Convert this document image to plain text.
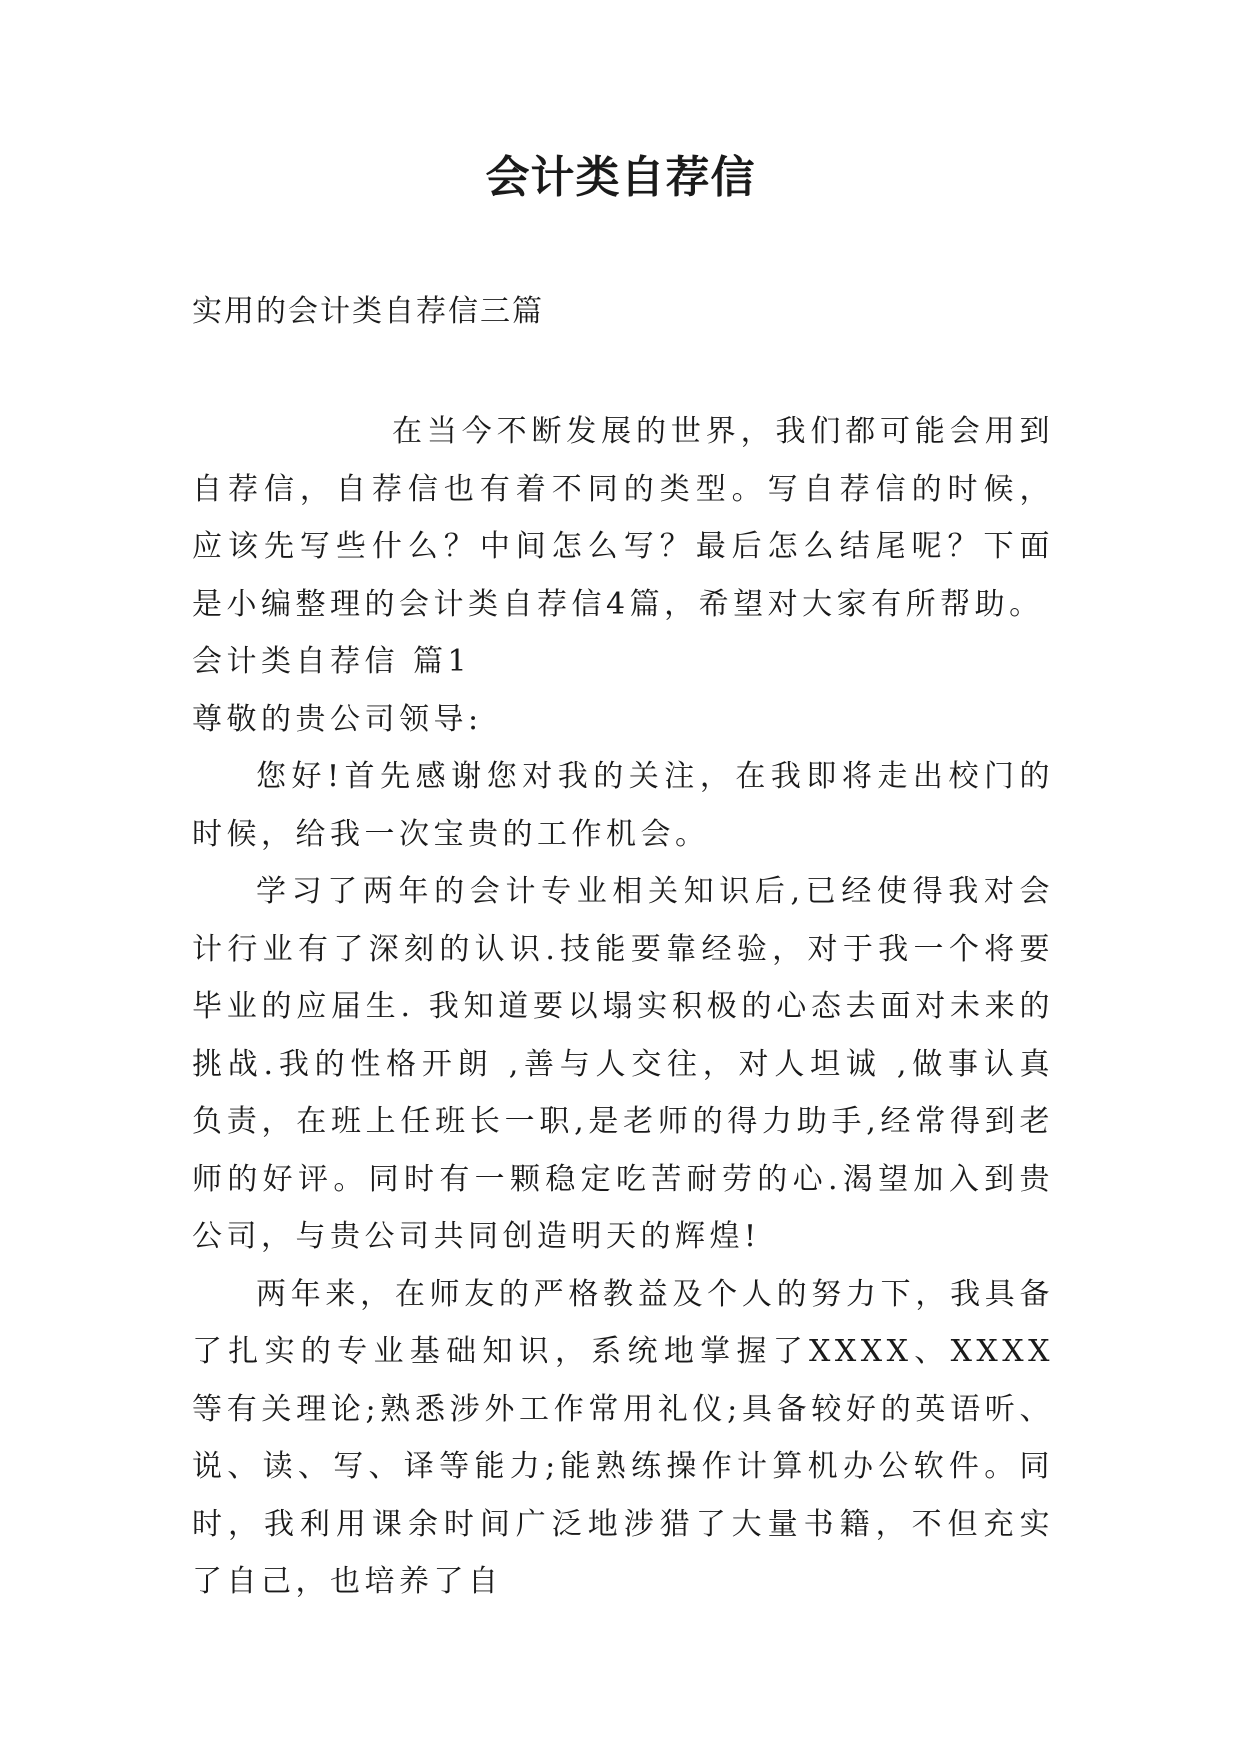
会计类自荐信
实用的会计类自荐信三篇

在当今不断发展的世界，我们都可能会用到自荐信，自荐信也有着不同的类型。写自荐信的时候，应该先写些什么？中间怎么写？最后怎么结尾呢？下面是小编整理的会计类自荐信4篇，希望对大家有所帮助。

会计类自荐信 篇1

尊敬的贵公司领导:

您好!首先感谢您对我的关注，在我即将走出校门的时候，给我一次宝贵的工作机会。

学习了两年的会计专业相关知识后,已经使得我对会计行业有了深刻的认识.技能要靠经验，对于我一个将要毕业的应届生. 我知道要以塌实积极的心态去面对未来的挑战.我的性格开朗 ,善与人交往，对人坦诚 ,做事认真负责，在班上任班长一职,是老师的得力助手,经常得到老师的好评。同时有一颗稳定吃苦耐劳的心.渴望加入到贵公司，与贵公司共同创造明天的辉煌!

两年来，在师友的严格教益及个人的努力下，我具备了扎实的专业基础知识，系统地掌握了XXXX、XXXX等有关理论;熟悉涉外工作常用礼仪;具备较好的英语听、说、读、写、译等能力;能熟练操作计算机办公软件。同时，我利用课余时间广泛地涉猎了大量书籍，不但充实了自己，也培养了自
